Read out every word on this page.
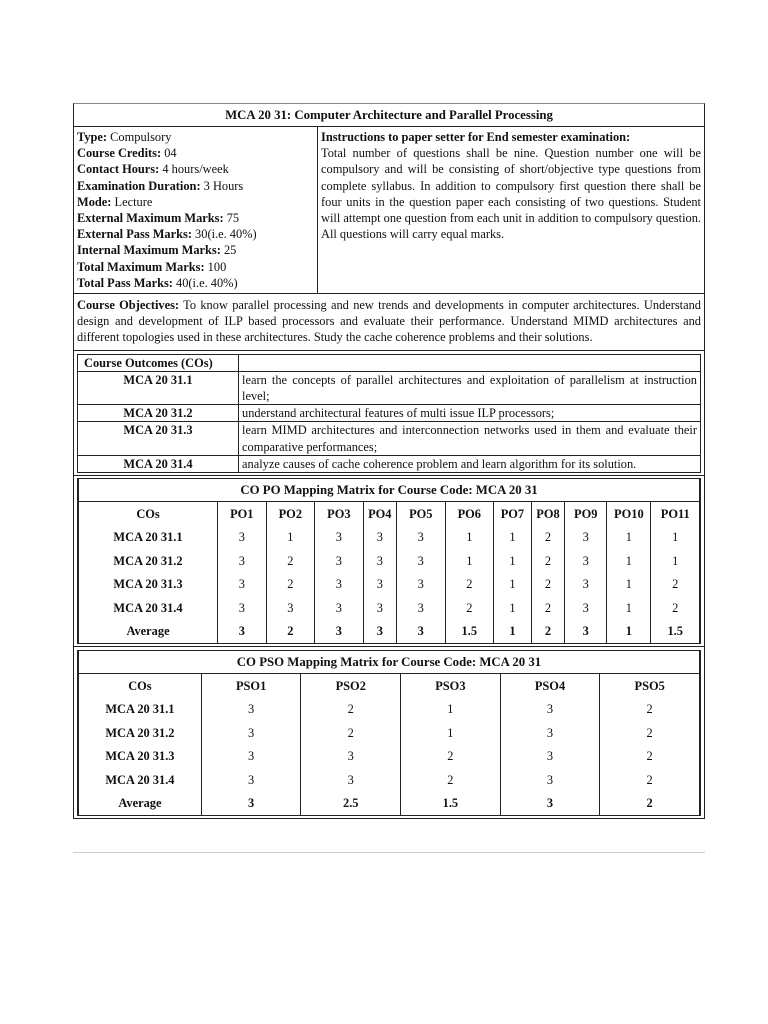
MCA 20 31: Computer Architecture and Parallel Processing
Type: Compulsory
Course Credits: 04
Contact Hours: 4 hours/week
Examination Duration: 3 Hours
Mode: Lecture
External Maximum Marks: 75
External Pass Marks: 30(i.e. 40%)
Internal Maximum Marks: 25
Total Maximum Marks: 100
Total Pass Marks: 40(i.e. 40%)
Instructions to paper setter for End semester examination:
Total number of questions shall be nine. Question number one will be compulsory and will be consisting of short/objective type questions from complete syllabus. In addition to compulsory first question there shall be four units in the question paper each consisting of two questions. Student will attempt one question from each unit in addition to compulsory question. All questions will carry equal marks.
Course Objectives: To know parallel processing and new trends and developments in computer architectures. Understand design and development of ILP based processors and evaluate their performance. Understand MIMD architectures and different topologies used in these architectures. Study the cache coherence problems and their solutions.
Course Outcomes (COs)	
MCA 20 31.1	learn the concepts of parallel architectures and exploitation of parallelism at instruction level;
MCA 20 31.2	understand architectural features of multi issue ILP processors;
MCA 20 31.3	learn MIMD architectures and interconnection networks used in them and evaluate their comparative performances;
MCA 20 31.4	analyze causes of cache coherence problem and learn algorithm for its solution.
CO PO Mapping Matrix for Course Code: MCA 20 31
COs	PO1	PO2	PO3	PO4	PO5	PO6	PO7	PO8	PO9	PO10	PO11
MCA 20 31.1	3	1	3	3	3	1	1	2	3	1	1
MCA 20 31.2	3	2	3	3	3	1	1	2	3	1	1
MCA 20 31.3	3	2	3	3	3	2	1	2	3	1	2
MCA 20 31.4	3	3	3	3	3	2	1	2	3	1	2
Average	3	2	3	3	3	1.5	1	2	3	1	1.5
CO PSO Mapping Matrix for Course Code: MCA 20 31
COs	PSO1	PSO2	PSO3	PSO4	PSO5
MCA 20 31.1	3	2	1	3	2
MCA 20 31.2	3	2	1	3	2
MCA 20 31.3	3	3	2	3	2
MCA 20 31.4	3	3	2	3	2
Average	3	2.5	1.5	3	2
